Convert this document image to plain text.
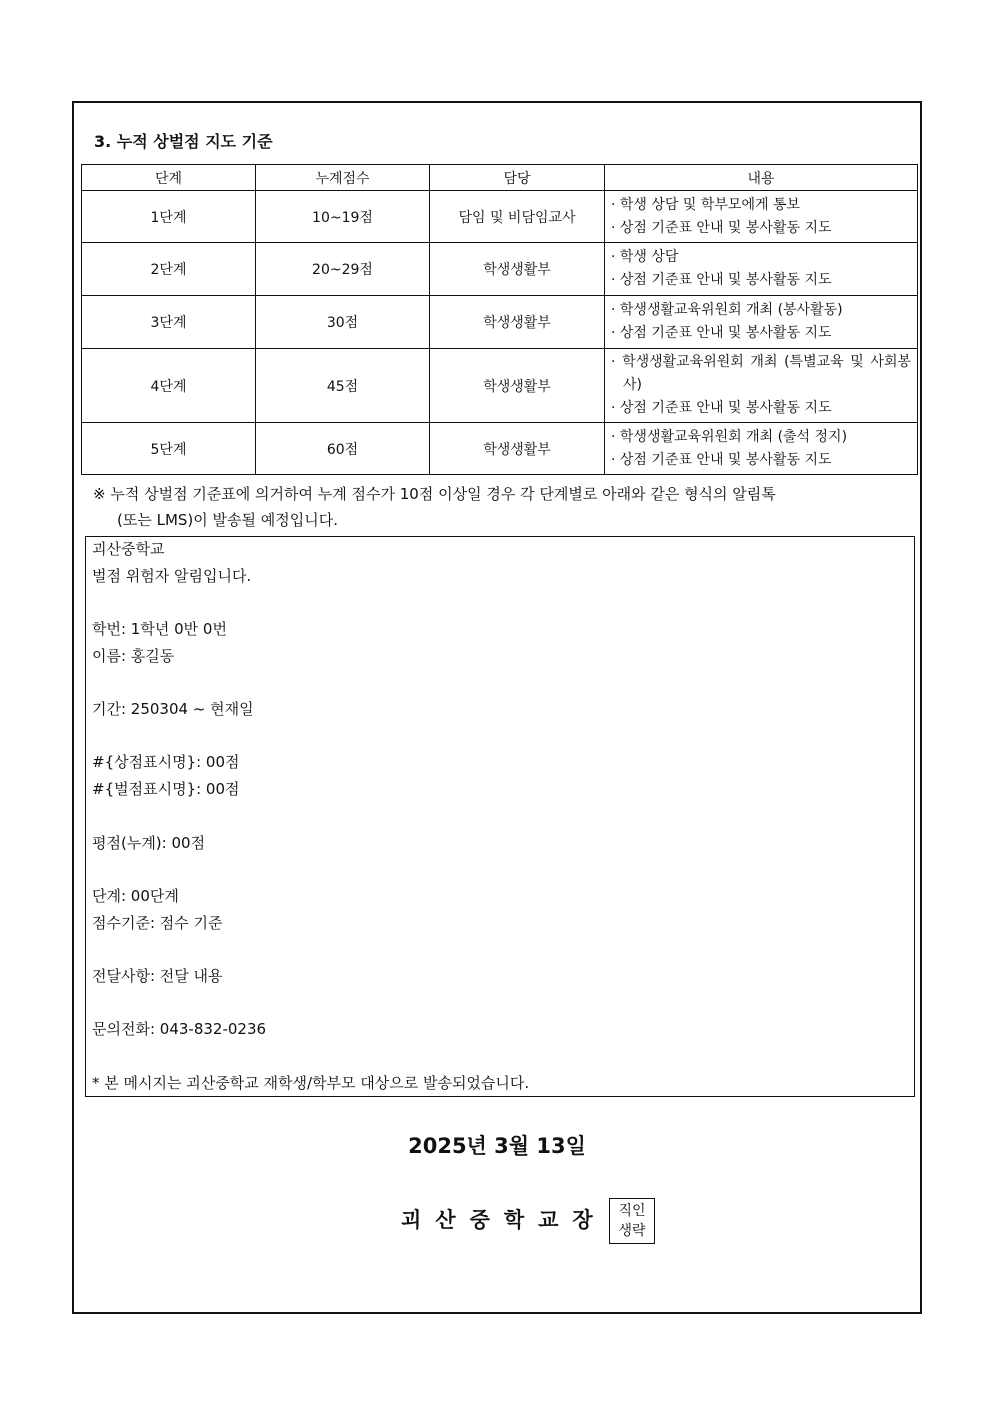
3. 누적 상벌점 지도 기준
단계	누계점수	담당	내용
1단계	10~19점	담임 및 비담임교사	· 학생 상담 및 학부모에게 통보
· 상점 기준표 안내 및 봉사활동 지도

2단계	20~29점	학생생활부	· 학생 상담
· 상점 기준표 안내 및 봉사활동 지도

3단계	30점	학생생활부	· 학생생활교육위원회 개최 (봉사활동)
· 상점 기준표 안내 및 봉사활동 지도

4단계	45점	학생생활부	· 학생생활교육위원회 개최 (특별교육 및 사회봉사)
· 상점 기준표 안내 및 봉사활동 지도

5단계	60점	학생생활부	· 학생생활교육위원회 개최 (출석 정지)
· 상점 기준표 안내 및 봉사활동 지도
※ 누적 상벌점 기준표에 의거하여 누계 점수가 10점 이상일 경우 각 단계별로 아래와 같은 형식의 알림톡
(또는 LMS)이 발송될 예정입니다.
괴산중학교
벌점 위험자 알림입니다.
학번: 1학년 0반 0번
이름: 홍길동
기간: 250304 ~ 현재일
#{상점표시명}: 00점
#{벌점표시명}: 00점
평점(누계): 00점
단계: 00단계
점수기준: 점수 기준
전달사항: 전달 내용
문의전화: 043-832-0236
* 본 메시지는 괴산중학교 재학생/학부모 대상으로 발송되었습니다.
2025년 3월 13일
괴산중학교장 직인
생략
